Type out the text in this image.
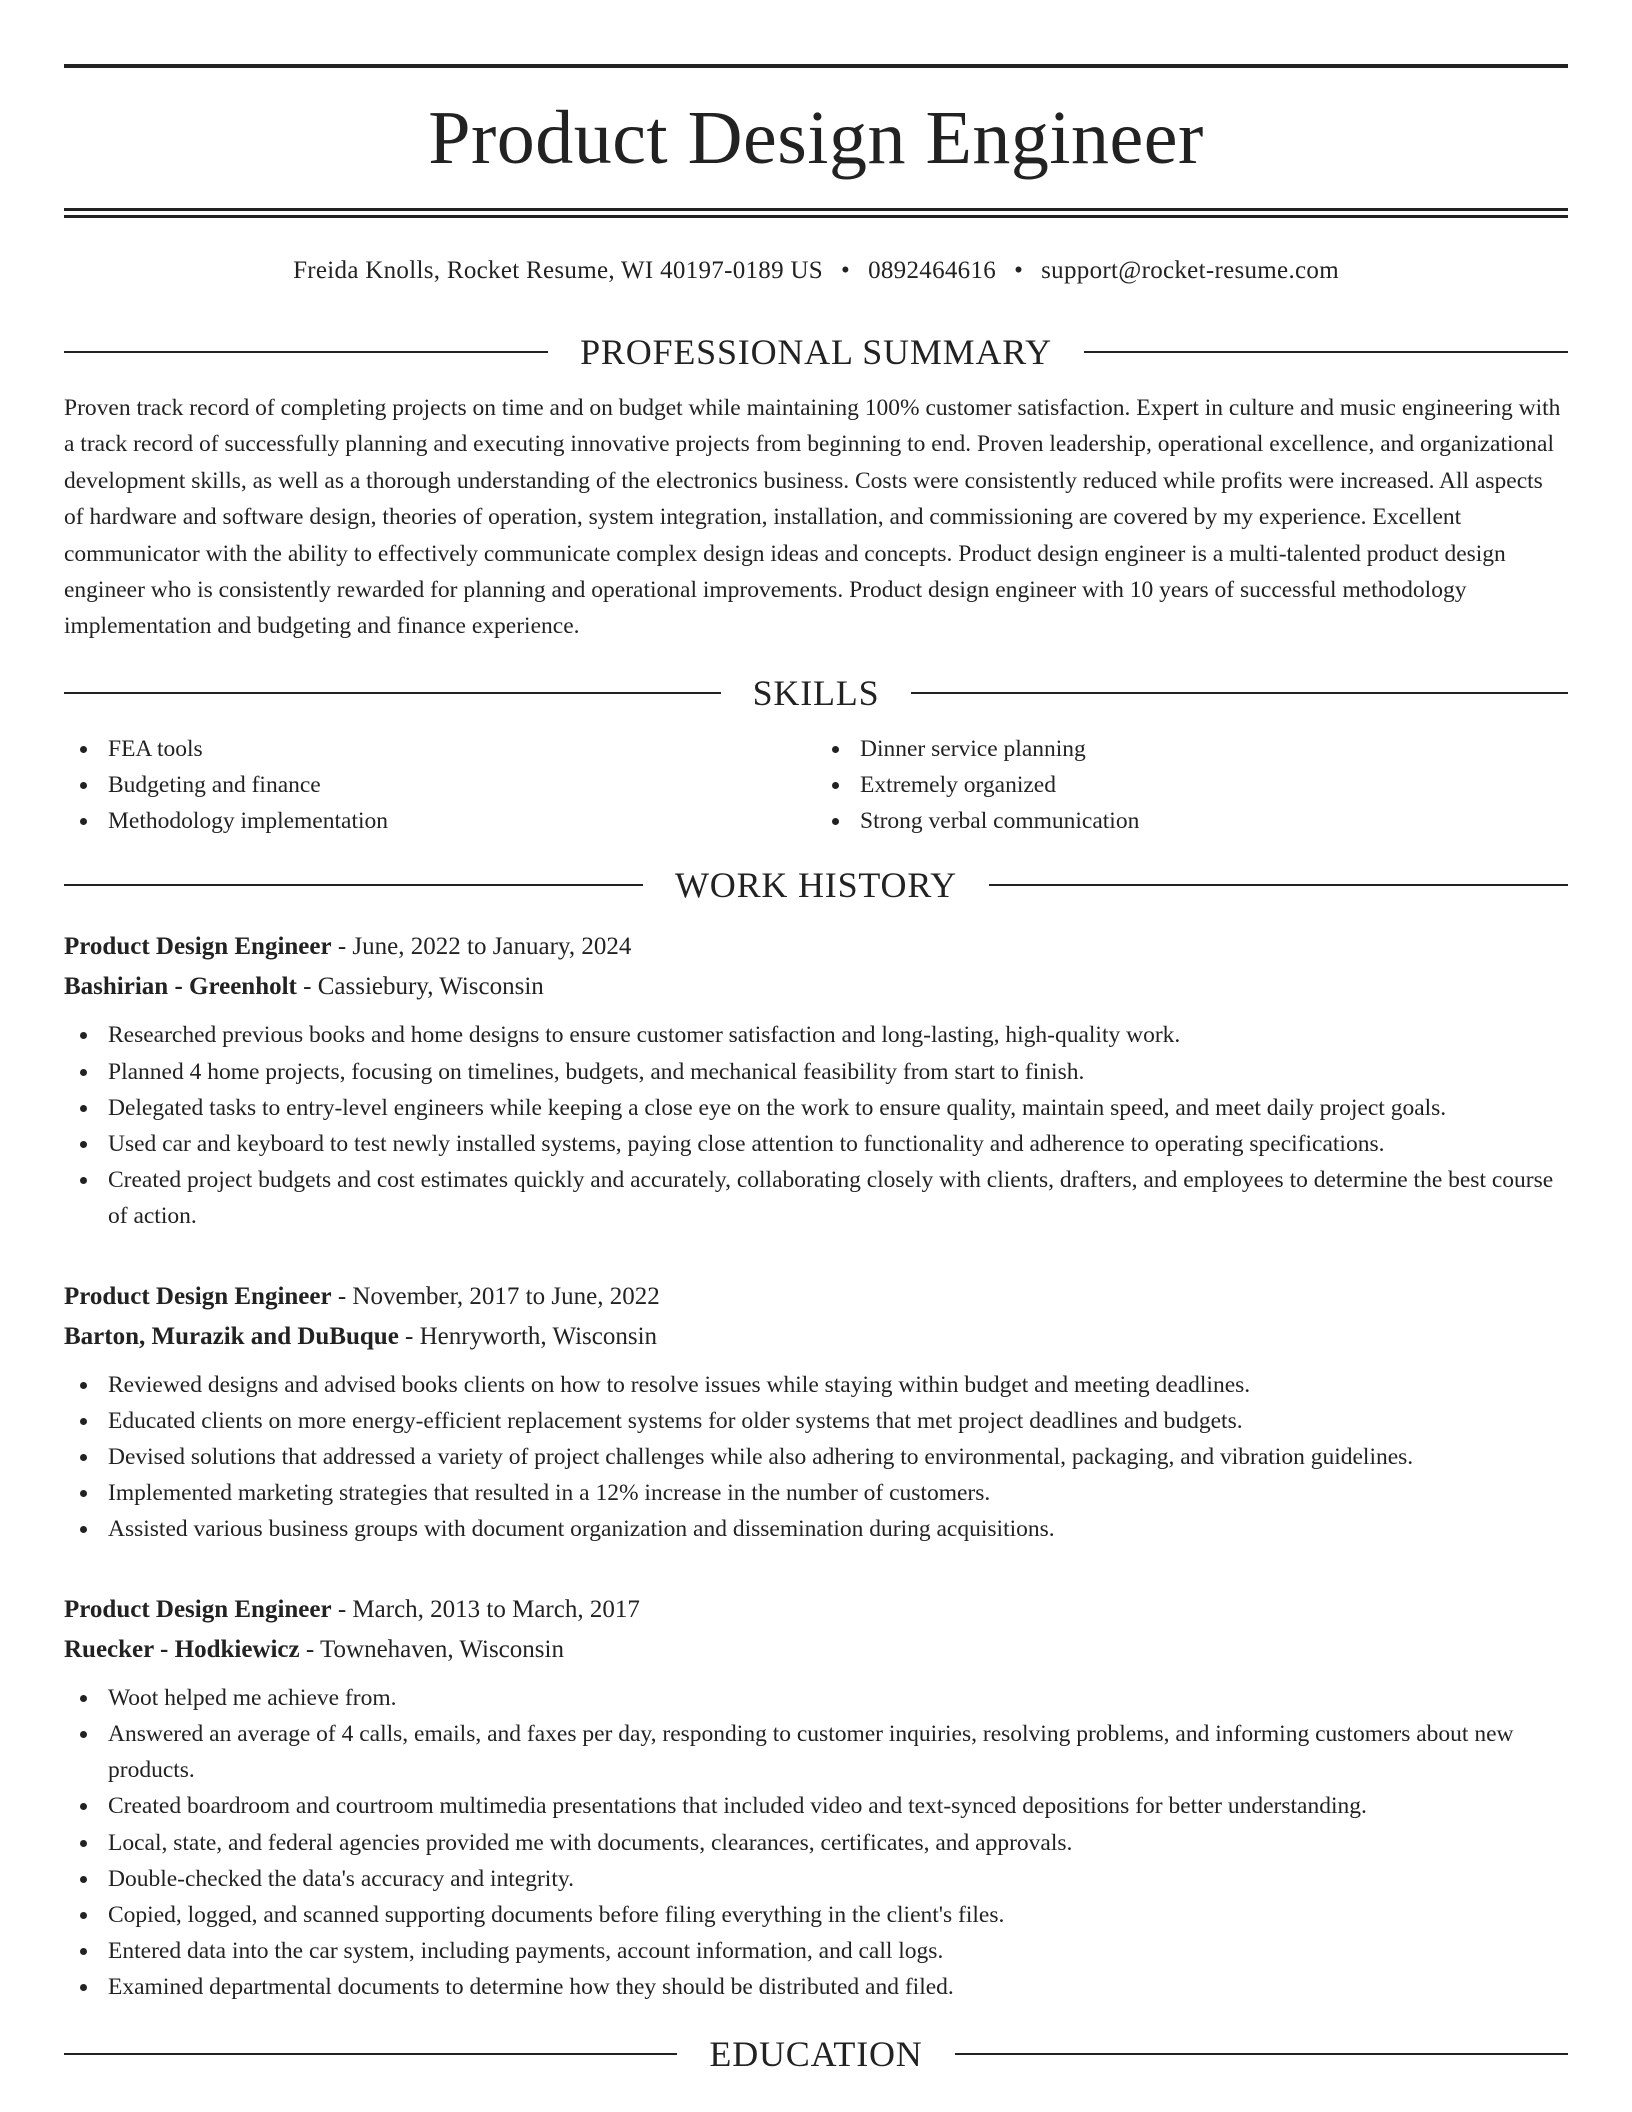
Product Design Engineer
Freida Knolls, Rocket Resume, WI 40197-0189 US • 0892464616 • support@rocket-resume.com
PROFESSIONAL SUMMARY

Proven track record of completing projects on time and on budget while maintaining 100% customer satisfaction. Expert in culture and music engineering with a track record of successfully planning and executing innovative projects from beginning to end. Proven leadership, operational excellence, and organizational development skills, as well as a thorough understanding of the electronics business. Costs were consistently reduced while profits were increased. All aspects of hardware and software design, theories of operation, system integration, installation, and commissioning are covered by my experience. Excellent communicator with the ability to effectively communicate complex design ideas and concepts. Product design engineer is a multi-talented product design engineer who is consistently rewarded for planning and operational improvements. Product design engineer with 10 years of successful methodology implementation and budgeting and finance experience.

SKILLS
FEA tools
Budgeting and finance
Methodology implementation
Dinner service planning
Extremely organized
Strong verbal communication
WORK HISTORY
Product Design Engineer - June, 2022 to January, 2024
Bashirian - Greenholt - Cassiebury, Wisconsin
Researched previous books and home designs to ensure customer satisfaction and long-lasting, high-quality work.
Planned 4 home projects, focusing on timelines, budgets, and mechanical feasibility from start to finish.
Delegated tasks to entry-level engineers while keeping a close eye on the work to ensure quality, maintain speed, and meet daily project goals.
Used car and keyboard to test newly installed systems, paying close attention to functionality and adherence to operating specifications.
Created project budgets and cost estimates quickly and accurately, collaborating closely with clients, drafters, and employees to determine the best course of action.
Product Design Engineer - November, 2017 to June, 2022
Barton, Murazik and DuBuque - Henryworth, Wisconsin
Reviewed designs and advised books clients on how to resolve issues while staying within budget and meeting deadlines.
Educated clients on more energy-efficient replacement systems for older systems that met project deadlines and budgets.
Devised solutions that addressed a variety of project challenges while also adhering to environmental, packaging, and vibration guidelines.
Implemented marketing strategies that resulted in a 12% increase in the number of customers.
Assisted various business groups with document organization and dissemination during acquisitions.
Product Design Engineer - March, 2013 to March, 2017
Ruecker - Hodkiewicz - Townehaven, Wisconsin
Woot helped me achieve from.
Answered an average of 4 calls, emails, and faxes per day, responding to customer inquiries, resolving problems, and informing customers about new products.
Created boardroom and courtroom multimedia presentations that included video and text-synced depositions for better understanding.
Local, state, and federal agencies provided me with documents, clearances, certificates, and approvals.
Double-checked the data's accuracy and integrity.
Copied, logged, and scanned supporting documents before filing everything in the client's files.
Entered data into the car system, including payments, account information, and call logs.
Examined departmental documents to determine how they should be distributed and filed.
EDUCATION
